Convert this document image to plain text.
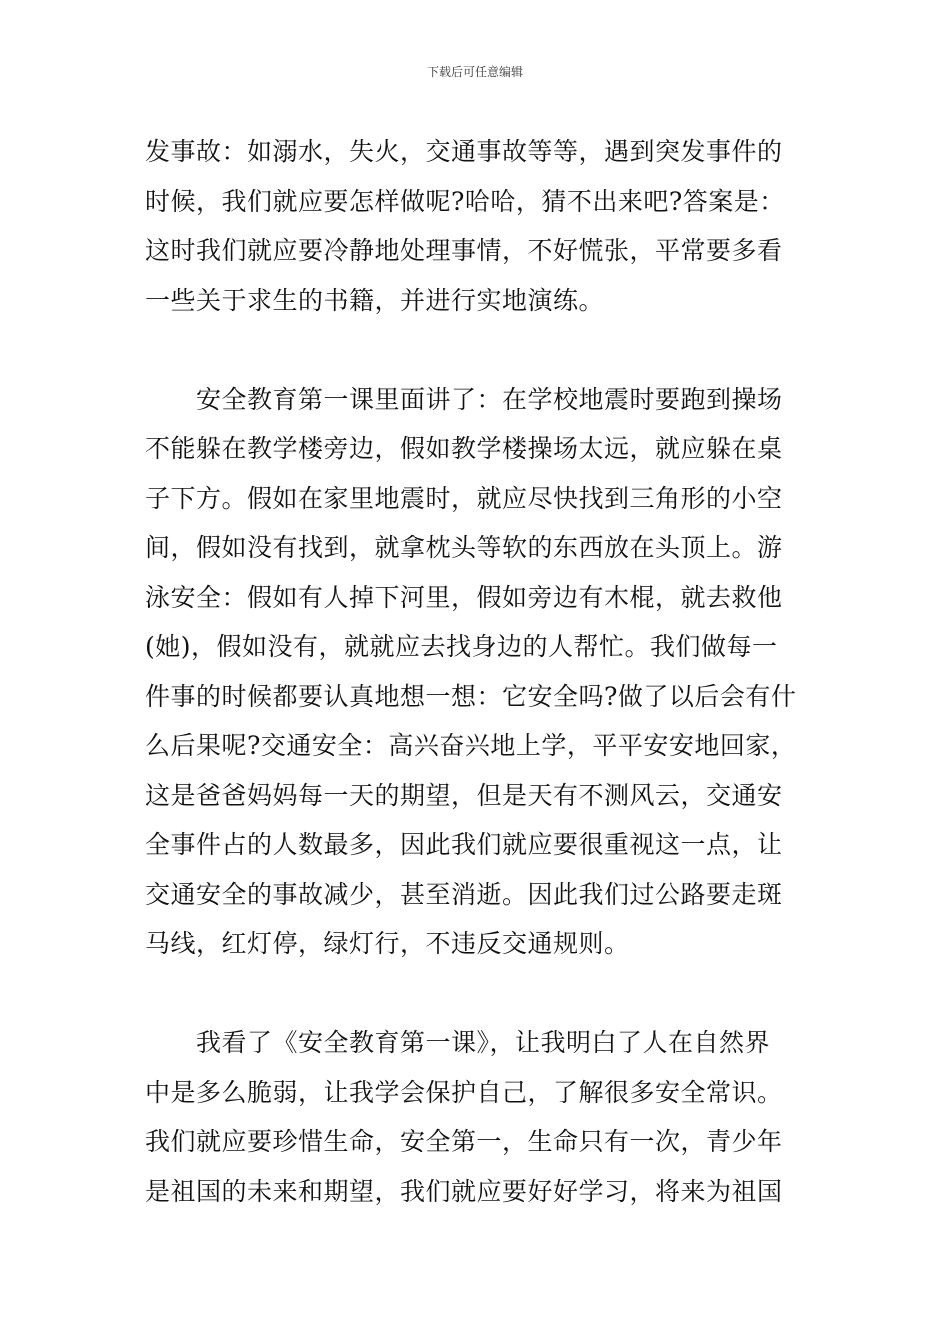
下载后可任意编辑
发事故：如溺水，失火，交通事故等等，遇到突发事件的
时候，我们就应要怎样做呢?哈哈，猜不出来吧?答案是：
这时我们就应要冷静地处理事情，不好慌张，平常要多看
一些关于求生的书籍，并进行实地演练。
　　安全教育第一课里面讲了：在学校地震时要跑到操场
不能躲在教学楼旁边，假如教学楼操场太远，就应躲在桌
子下方。假如在家里地震时，就应尽快找到三角形的小空
间，假如没有找到，就拿枕头等软的东西放在头顶上。游
泳安全：假如有人掉下河里，假如旁边有木棍，就去救他
(她)，假如没有，就就应去找身边的人帮忙。我们做每一
件事的时候都要认真地想一想：它安全吗?做了以后会有什
么后果呢?交通安全：高兴奋兴地上学，平平安安地回家，
这是爸爸妈妈每一天的期望，但是天有不测风云，交通安
全事件占的人数最多，因此我们就应要很重视这一点，让
交通安全的事故减少，甚至消逝。因此我们过公路要走斑
马线，红灯停，绿灯行，不违反交通规则。
　　我看了《安全教育第一课》，让我明白了人在自然界
中是多么脆弱，让我学会保护自己，了解很多安全常识。
我们就应要珍惜生命，安全第一，生命只有一次，青少年
是祖国的未来和期望，我们就应要好好学习，将来为祖国
